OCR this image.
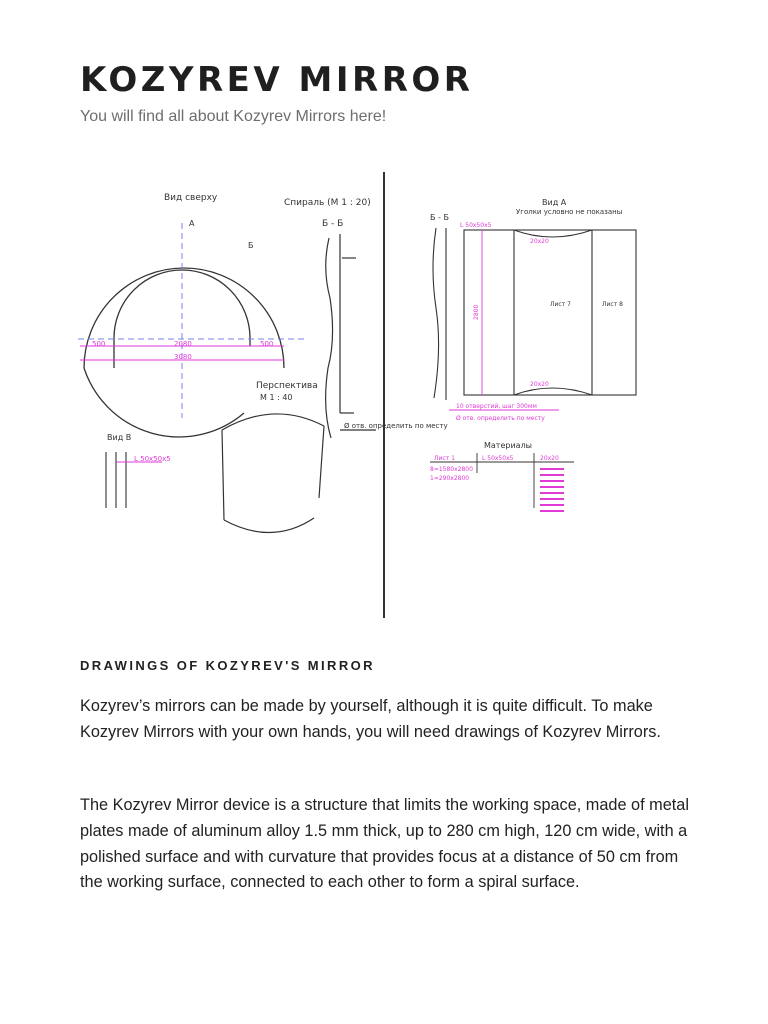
KOZYREV MIRROR
You will find all about Kozyrev Mirrors here!
Вид сверху
А
Б
500	2080	500
3080
Спираль (М 1 : 20)
Б - Б
Ø отв. определить по месту
Перспектива
М 1 : 40
Вид В
L 50x50x5
Вид А
Уголки условно не показаны
Б - Б
Лист 7	Лист 8
L 50x50x5
20x20
20x20
2800
10 отверстий, шаг 300мм
Ø отв. определить по месту
Материалы
Лист 1	L 50x50x5	20x20
8=1580x2800
1=290x2800
DRAWINGS OF KOZYREV'S MIRROR

Kozyrev’s mirrors can be made by yourself, although it is quite difficult. To make Kozyrev Mirrors with your own hands, you will need drawings of Kozyrev Mirrors.

The Kozyrev Mirror device is a structure that limits the working space, made of metal plates made of aluminum alloy 1.5 mm thick, up to 280 cm high, 120 cm wide, with a polished surface and with curvature that provides focus at a distance of 50 cm from the working surface, connected to each other to form a spiral surface.
